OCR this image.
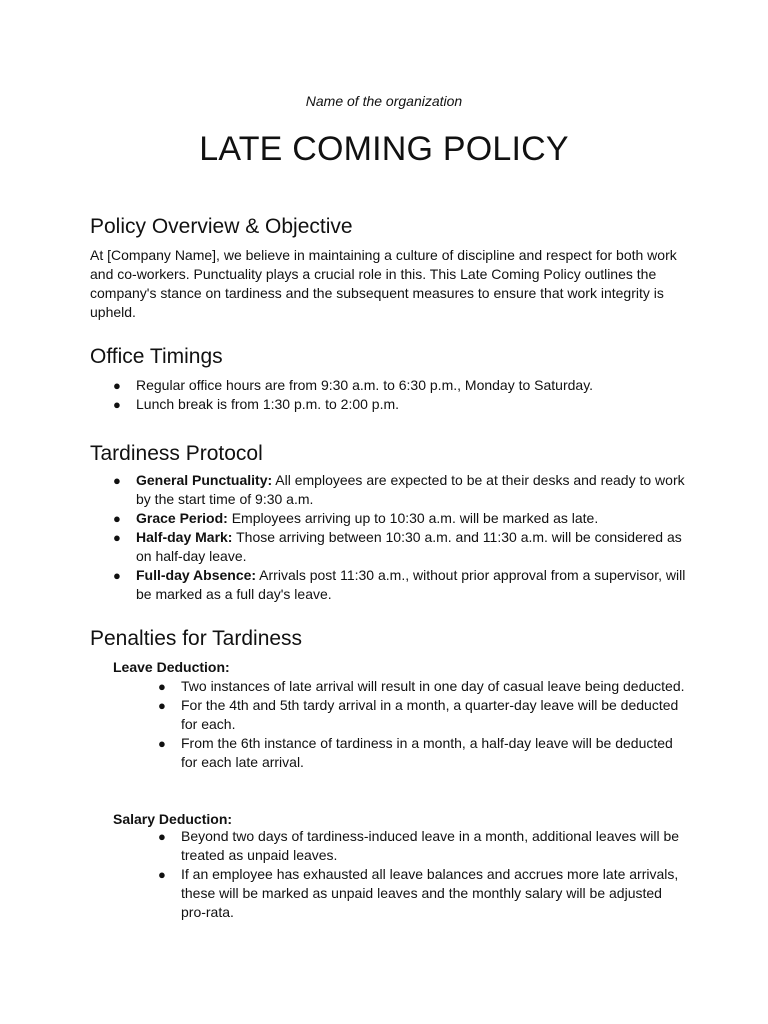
Name of the organization
LATE COMING POLICY
Policy Overview & Objective

At [Company Name], we believe in maintaining a culture of discipline and respect for both work and co-workers. Punctuality plays a crucial role in this. This Late Coming Policy outlines the company's stance on tardiness and the subsequent measures to ensure that work integrity is upheld.

Office Timings
● Regular office hours are from 9:30 a.m. to 6:30 p.m., Monday to Saturday.
● Lunch break is from 1:30 p.m. to 2:00 p.m.
Tardiness Protocol
● General Punctuality: All employees are expected to be at their desks and ready to work by the start time of 9:30 a.m.
● Grace Period: Employees arriving up to 10:30 a.m. will be marked as late.
● Half-day Mark: Those arriving between 10:30 a.m. and 11:30 a.m. will be considered as on half-day leave.
● Full-day Absence: Arrivals post 11:30 a.m., without prior approval from a supervisor, will be marked as a full day's leave.
Penalties for Tardiness
Leave Deduction:
● Two instances of late arrival will result in one day of casual leave being deducted.
● For the 4th and 5th tardy arrival in a month, a quarter-day leave will be deducted for each.
● From the 6th instance of tardiness in a month, a half-day leave will be deducted for each late arrival.
Salary Deduction:
● Beyond two days of tardiness-induced leave in a month, additional leaves will be treated as unpaid leaves.
● If an employee has exhausted all leave balances and accrues more late arrivals, these will be marked as unpaid leaves and the monthly salary will be adjusted pro-rata.
